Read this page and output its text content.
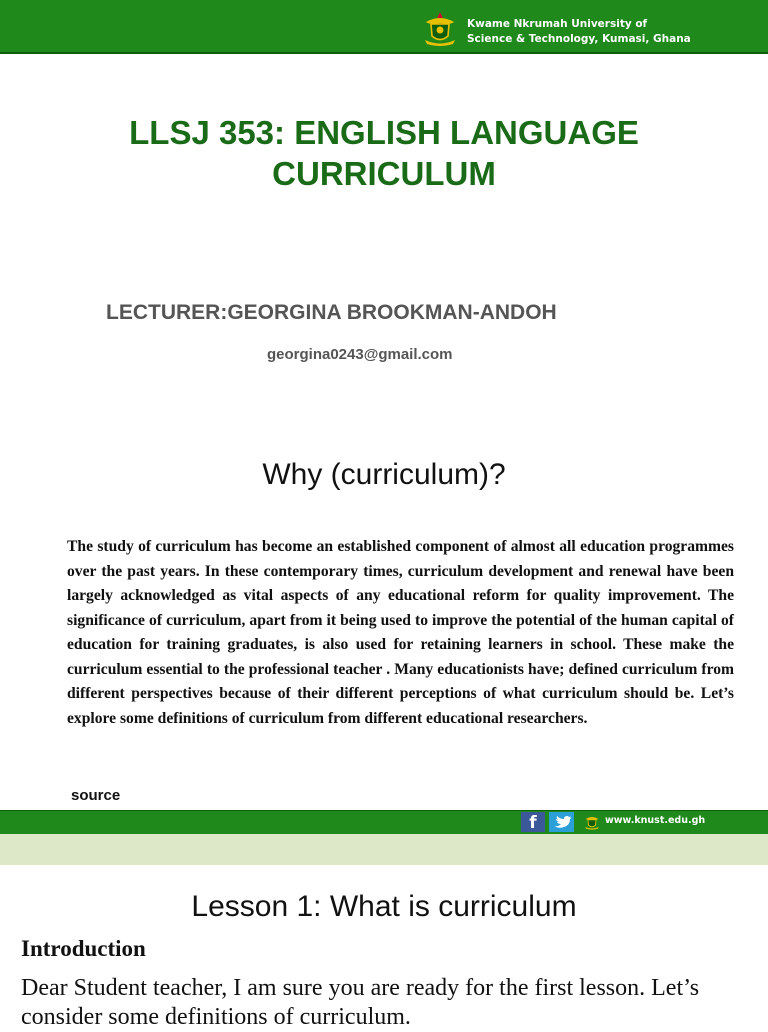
Kwame Nkrumah University of
Science & Technology, Kumasi, Ghana
LLSJ 353: ENGLISH LANGUAGE
CURRICULUM
LECTURER:GEORGINA BROOKMAN-ANDOH
georgina0243@gmail.com
Why (curriculum)?

The study of curriculum has become an established component of almost all education programmes over the past years. In these contemporary times, curriculum development and renewal have been largely acknowledged as vital aspects of any educational reform for quality improvement. The significance of curriculum, apart from it being used to improve the potential of the human capital of education for training graduates, is also used for retaining learners in school. These make the curriculum essential to the professional teacher . Many educationists have; defined curriculum from different perspectives because of their different perceptions of what curriculum should be. Let’s explore some definitions of curriculum from different educational researchers.

source
f	www.knust.edu.gh
Lesson 1: What is curriculum
Introduction
Dear Student teacher, I am sure you are ready for the first lesson. Let’s consider some definitions of curriculum.
